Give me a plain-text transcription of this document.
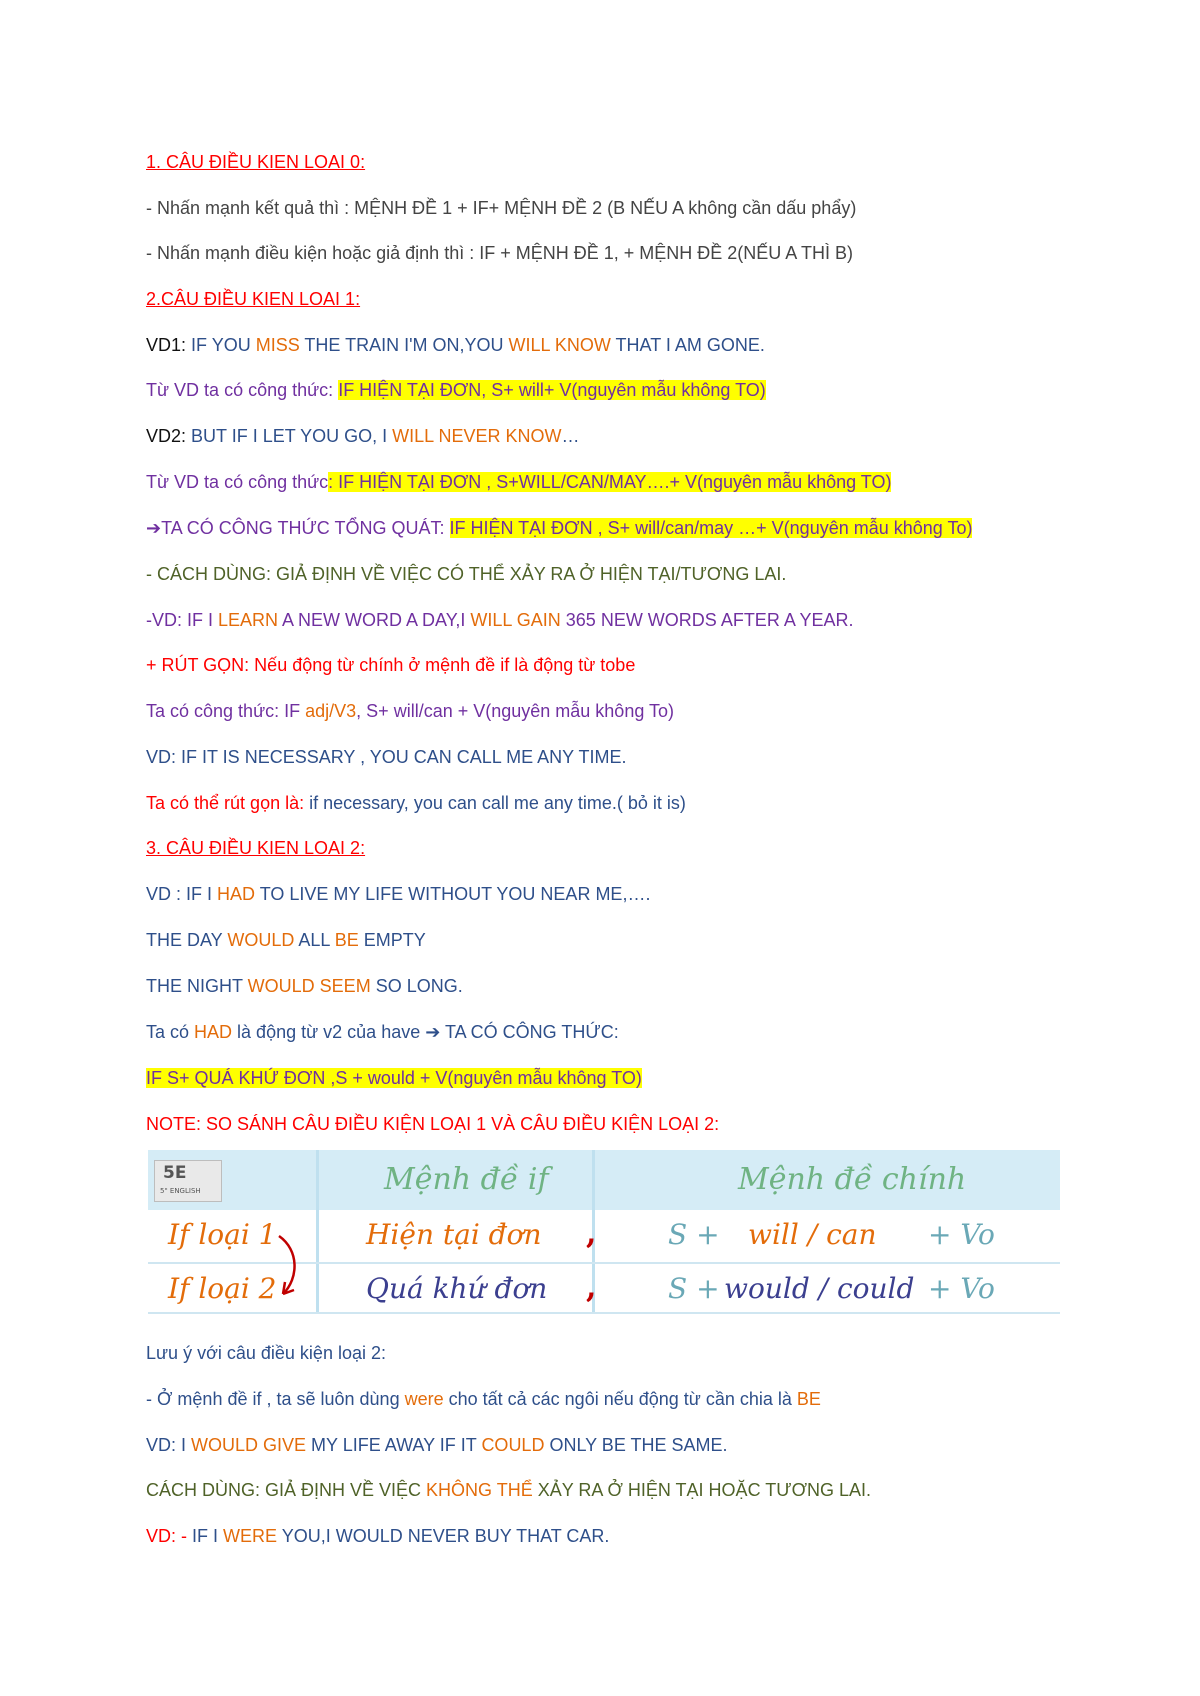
1. CÂU ĐIỀU KIEN LOAI 0:

- Nhấn mạnh kết quả thì : MỆNH ĐỀ 1 + IF+ MỆNH ĐỀ 2 (B NẾU A không cần dấu phẩy)

- Nhấn mạnh điều kiện hoặc giả định thì : IF + MỆNH ĐỀ 1, + MỆNH ĐỀ 2(NẾU A THÌ B)

2.CÂU ĐIỀU KIEN LOAI 1:

VD1: IF YOU MISS THE TRAIN I'M ON,YOU WILL KNOW THAT I AM GONE.

Từ VD ta có công thức: IF HIỆN TẠI ĐƠN, S+ will+ V(nguyên mẫu không TO)

VD2: BUT IF I LET YOU GO, I WILL NEVER KNOW…

Từ VD ta có công thức: IF HIỆN TẠI ĐƠN , S+WILL/CAN/MAY….+ V(nguyên mẫu không TO)

➔TA CÓ CÔNG THỨC TỔNG QUÁT: IF HIỆN TẠI ĐƠN , S+ will/can/may …+ V(nguyên mẫu không To)

- CÁCH DÙNG: GIẢ ĐỊNH VỀ VIỆC CÓ THỂ XẢY RA Ở HIỆN TẠI/TƯƠNG LAI.

-VD: IF I LEARN A NEW WORD A DAY,I WILL GAIN 365 NEW WORDS AFTER A YEAR.

+ RÚT GỌN: Nếu động từ chính ở mệnh đề if là động từ tobe

Ta có công thức: IF adj/V3, S+ will/can + V(nguyên mẫu không To)

VD: IF IT IS NECESSARY , YOU CAN CALL ME ANY TIME.

Ta có thể rút gọn là: if necessary, you can call me any time.( bỏ it is)

3. CÂU ĐIỀU KIEN LOAI 2:

VD : IF I HAD TO LIVE MY LIFE WITHOUT YOU NEAR ME,….

THE DAY WOULD ALL BE EMPTY

THE NIGHT WOULD SEEM SO LONG.

Ta có HAD là động từ v2 của have ➔ TA CÓ CÔNG THỨC:

IF S+ QUÁ KHỨ ĐƠN ,S + would + V(nguyên mẫu không TO)

NOTE: SO SÁNH CÂU ĐIỀU KIỆN LOẠI 1 VÀ CÂU ĐIỀU KIỆN LOẠI 2:

5E
5" ENGLISH	Mệnh đề if	Mệnh đề chính
If loại 1	Hiện tại đơn ,	S + will / can + Vo
If loại 2	Quá khứ đơn ,	S + would / could + Vo

Lưu ý với câu điều kiện loại 2:

- Ở mệnh đề if , ta sẽ luôn dùng were cho tất cả các ngôi nếu động từ cần chia là BE

VD: I WOULD GIVE MY LIFE AWAY IF IT COULD ONLY BE THE SAME.

CÁCH DÙNG: GIẢ ĐỊNH VỀ VIỆC KHÔNG THỂ XẢY RA Ở HIỆN TẠI HOẶC TƯƠNG LAI.

VD: - IF I WERE YOU,I WOULD NEVER BUY THAT CAR.
